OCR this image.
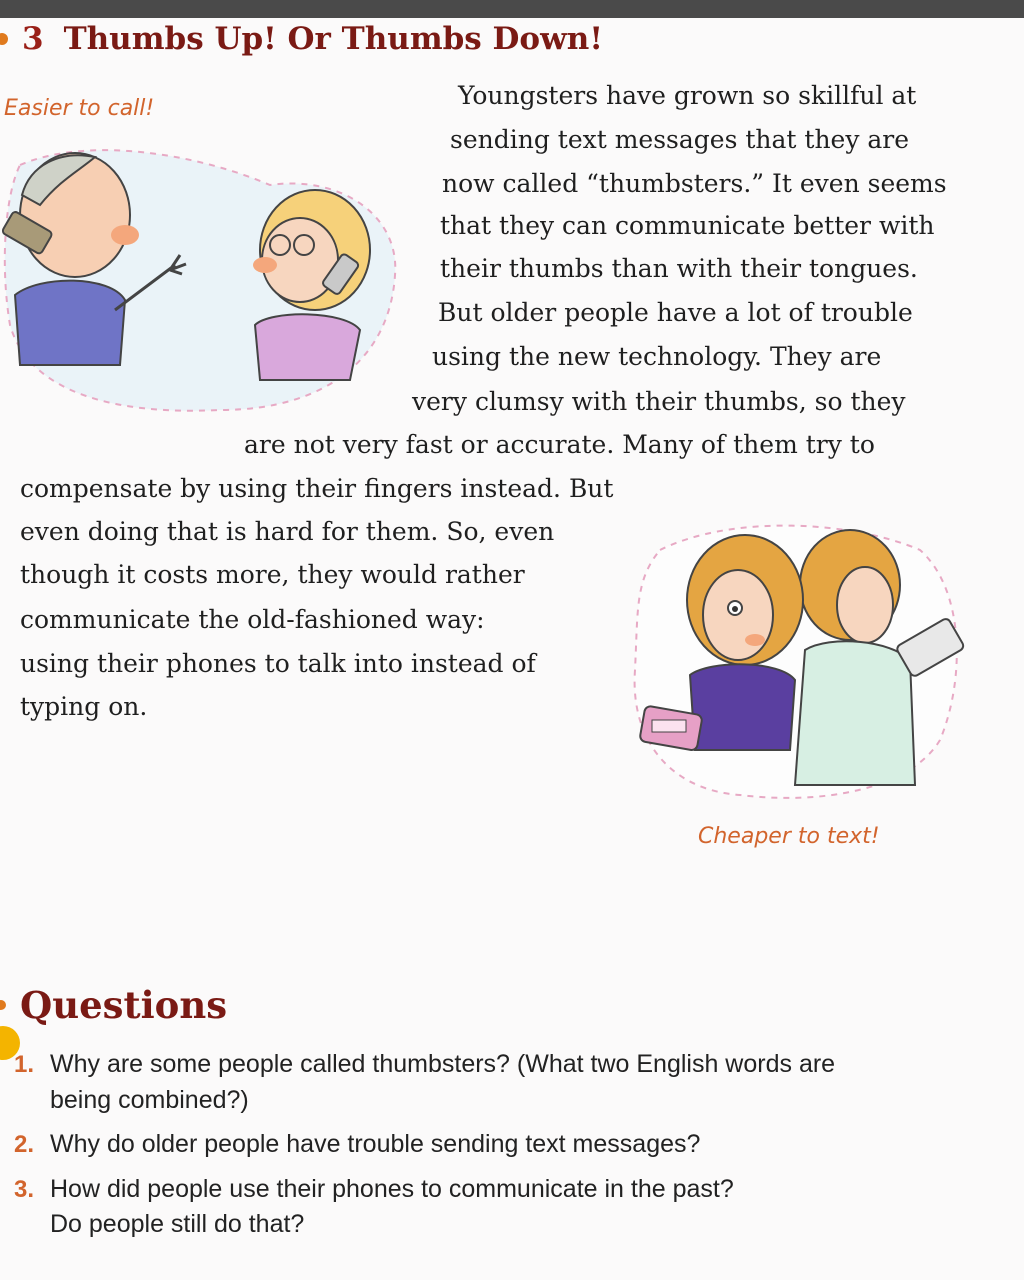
3 Thumbs Up! Or Thumbs Down!
Easier to call!	Youngsters have grown so skillful at
sending text messages that they are
now called “thumbsters.” It even seems
that they can communicate better with
their thumbs than with their tongues.
But older people have a lot of trouble
using the new technology. They are
very clumsy with their thumbs, so they
are not very fast or accurate. Many of them try to
compensate by using their fingers instead. But
even doing that is hard for them. So, even
though it costs more, they would rather
communicate the old-fashioned way:
using their phones to talk into instead of
typing on.
Cheaper to text!
Questions
1. Why are some people called thumbsters? (What two English words are
being combined?)
2. Why do older people have trouble sending text messages?
3. How did people use their phones to communicate in the past?
Do people still do that?
